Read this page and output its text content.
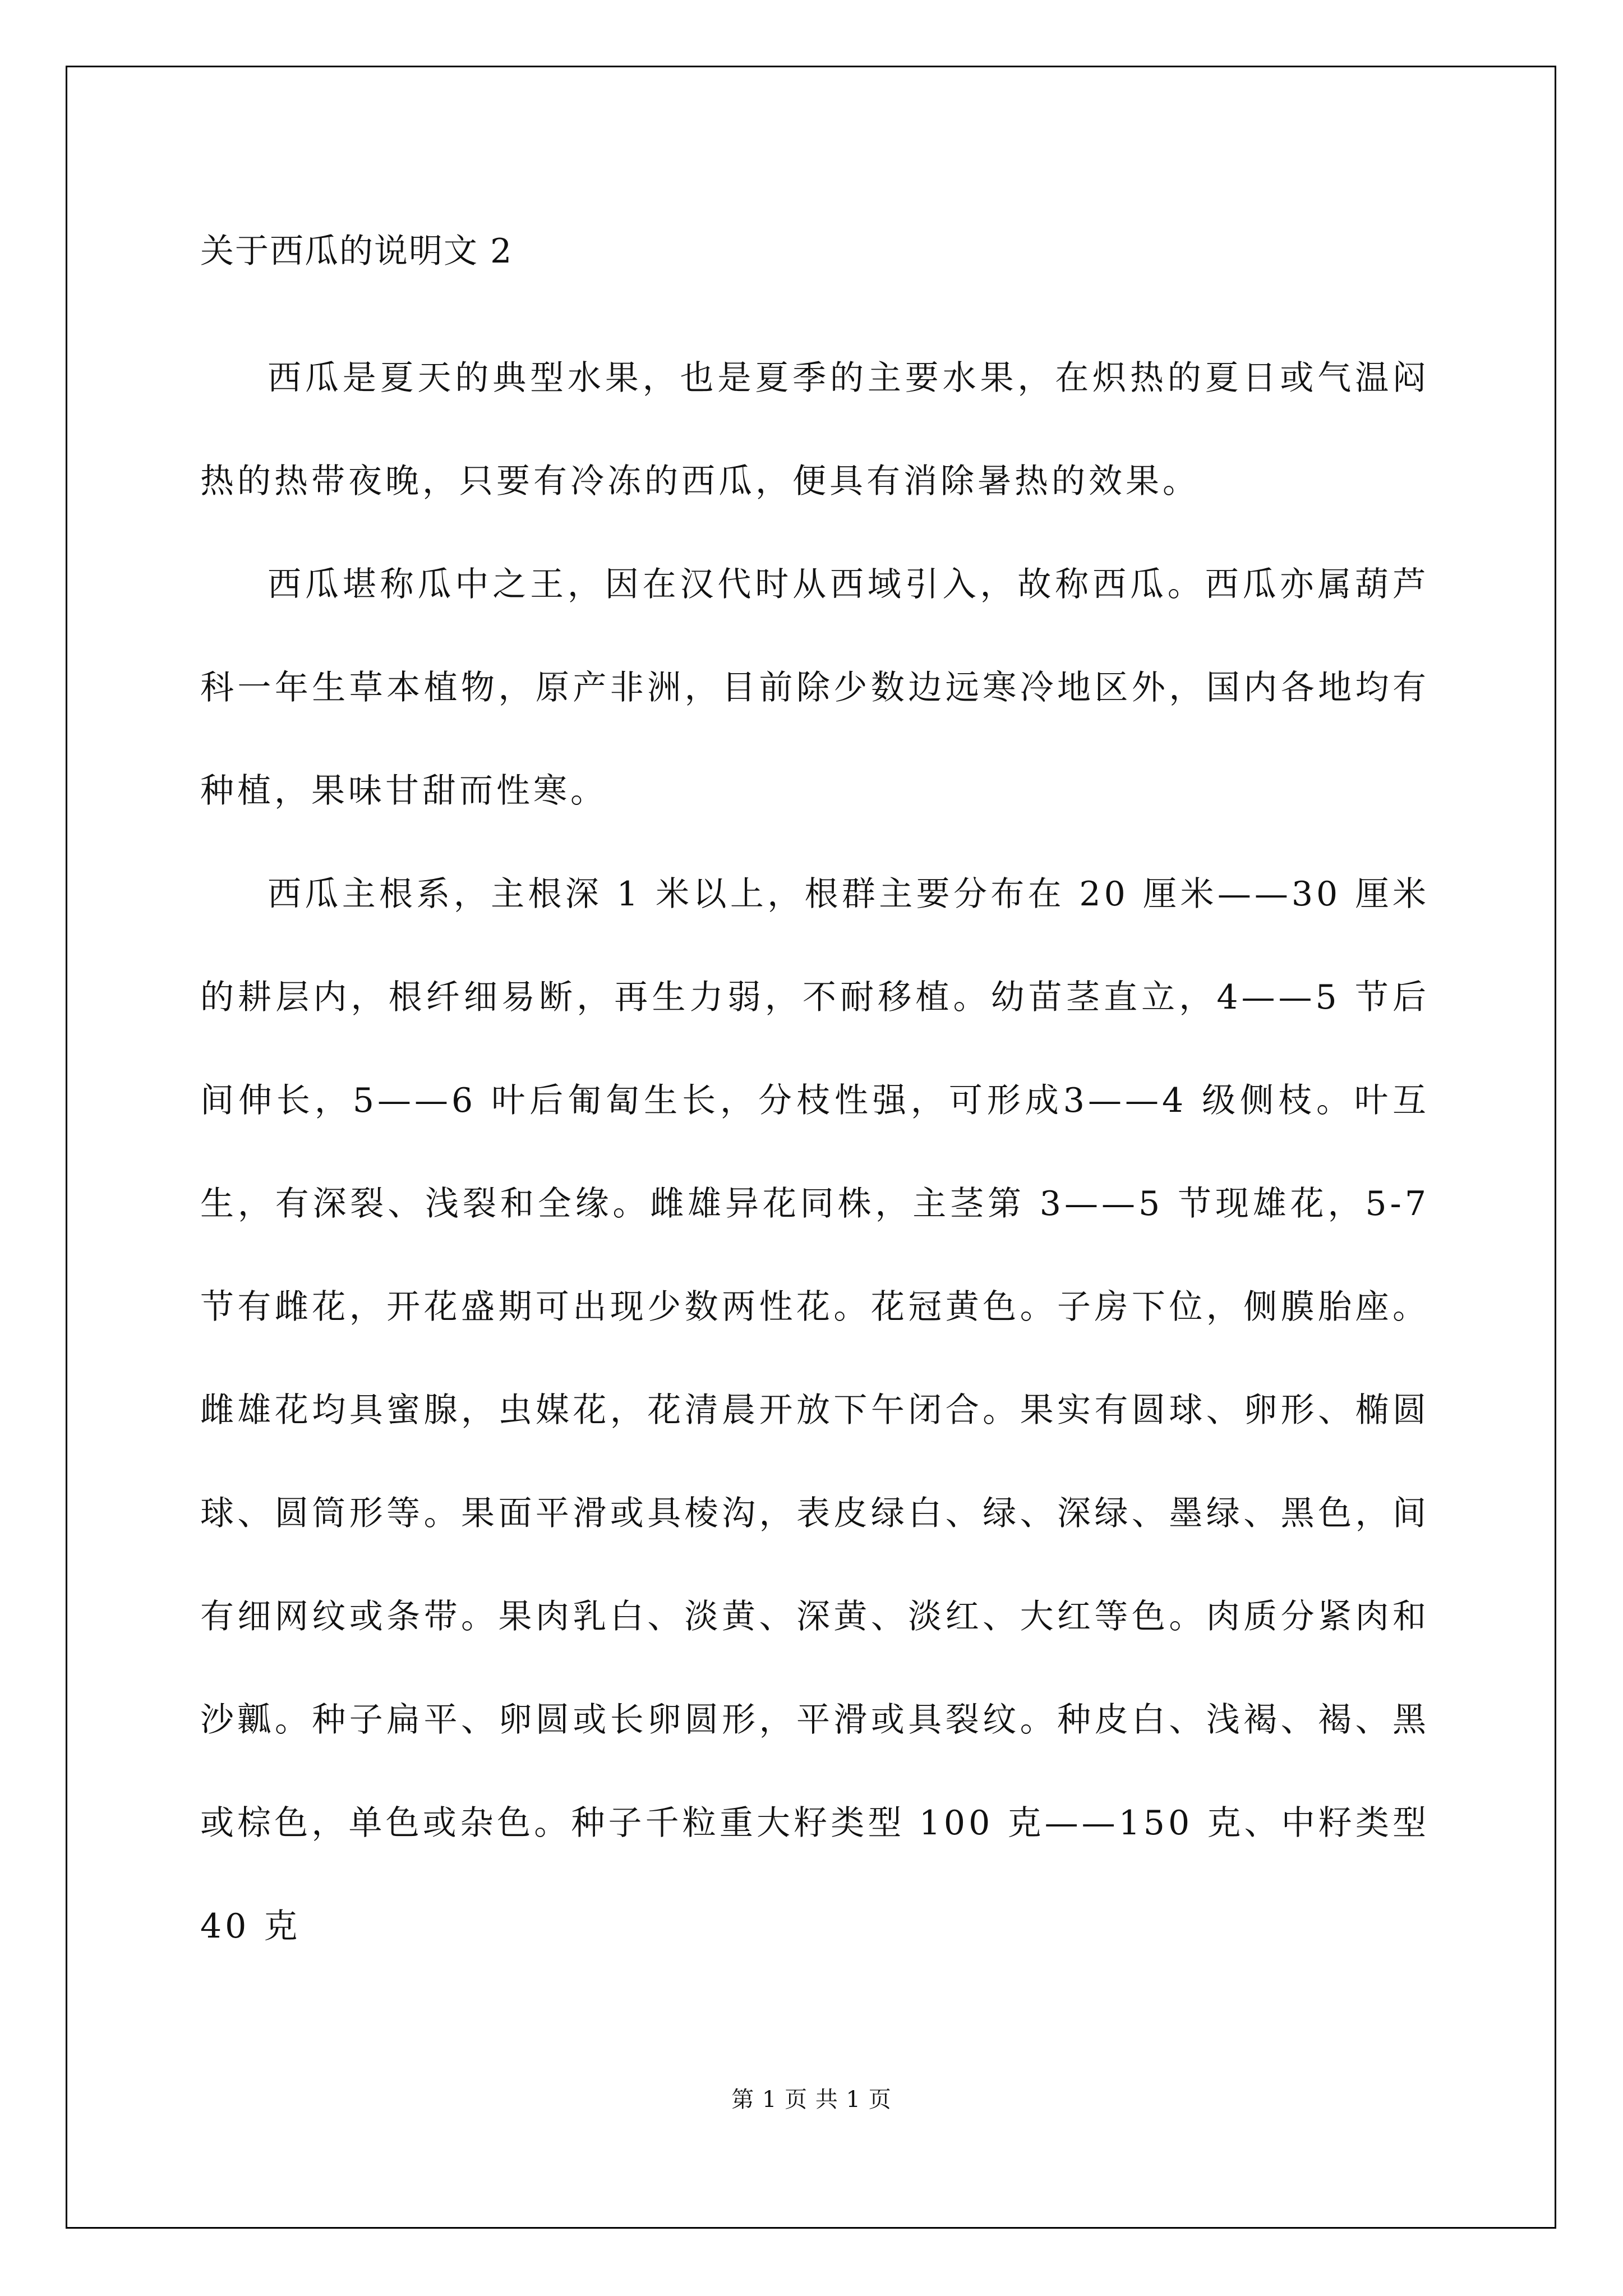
关于西瓜的说明文 2

西瓜是夏天的典型水果，也是夏季的主要水果，在炽热的夏日或气温闷热的热带夜晚，只要有冷冻的西瓜，便具有消除暑热的效果。

西瓜堪称瓜中之王，因在汉代时从西域引入，故称西瓜。西瓜亦属葫芦科一年生草本植物，原产非洲，目前除少数边远寒冷地区外，国内各地均有种植，果味甘甜而性寒。

西瓜主根系，主根深 1 米以上，根群主要分布在 20 厘米——30 厘米的耕层内，根纤细易断，再生力弱，不耐移植。幼苗茎直立，4——5 节后间伸长，5——6 叶后匍匐生长，分枝性强，可形成3——4 级侧枝。叶互生，有深裂、浅裂和全缘。雌雄异花同株，主茎第 3——5 节现雄花，5-7 节有雌花，开花盛期可出现少数两性花。花冠黄色。子房下位，侧膜胎座。雌雄花均具蜜腺，虫媒花，花清晨开放下午闭合。果实有圆球、卵形、椭圆球、圆筒形等。果面平滑或具棱沟，表皮绿白、绿、深绿、墨绿、黑色，间有细网纹或条带。果肉乳白、淡黄、深黄、淡红、大红等色。肉质分紧肉和沙瓤。种子扁平、卵圆或长卵圆形，平滑或具裂纹。种皮白、浅褐、褐、黑或棕色，单色或杂色。种子千粒重大籽类型 100 克——150 克、中籽类型 40 克

第 1 页 共 1 页
